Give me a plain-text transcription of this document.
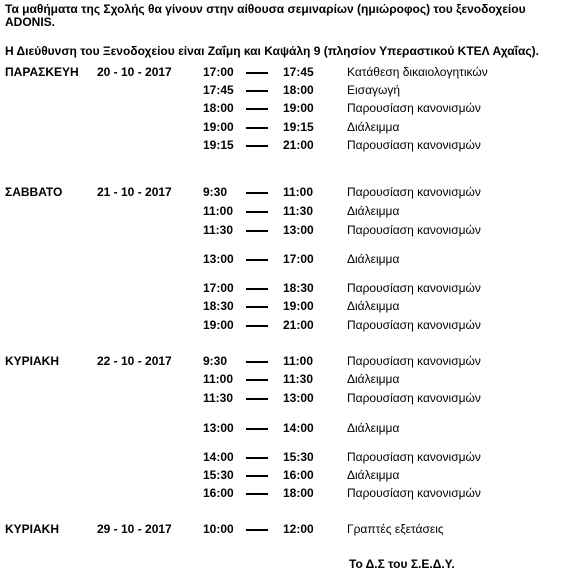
Τα μαθήματα της Σχολής θα γίνουν στην αίθουσα σεμιναρίων (ημιώροφος) του ξενοδοχείου ADONIS.
Η Διεύθυνση του Ξενοδοχείου είναι Ζαΐμη και Καψάλη 9 (πλησίον Υπεραστικού ΚΤΕΛ Αχαΐας).
ΠΑΡΑΣΚΕΥΗ 20 - 10 - 2017	17:00	17:45	Κατάθεση δικαιολογητικών
17:45	18:00	Εισαγωγή
18:00	19:00	Παρουσίαση κανονισμών
19:00	19:15	Διάλειμμα
19:15	21:00	Παρουσίαση κανονισμών
ΣΑΒΒΑΤΟ	21 - 10 - 2017	9:30	11:00	Παρουσίαση κανονισμών
11:00	11:30	Διάλειμμα
11:30	13:00	Παρουσίαση κανονισμών
13:00	17:00	Διάλειμμα
17:00	18:30	Παρουσίαση κανονισμών
18:30	19:00	Διάλειμμα
19:00	21:00	Παρουσίαση κανονισμών
ΚΥΡΙΑΚΗ	22 - 10 - 2017	9:30	11:00	Παρουσίαση κανονισμών
11:00	11:30	Διάλειμμα
11:30	13:00	Παρουσίαση κανονισμών
13:00	14:00	Διάλειμμα
14:00	15:30	Παρουσίαση κανονισμών
15:30	16:00	Διάλειμμα
16:00	18:00	Παρουσίαση κανονισμών
ΚΥΡΙΑΚΗ	29 - 10 - 2017	10:00	12:00	Γραπτές εξετάσεις
Το Δ.Σ του Σ.Ε.Δ.Υ.
